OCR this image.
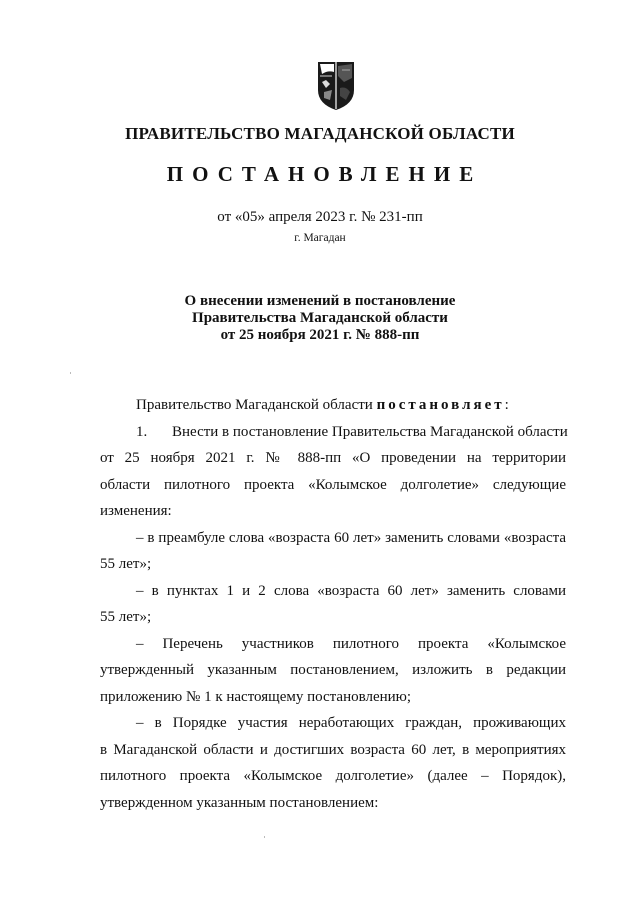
ПРАВИТЕЛЬСТВО МАГАДАНСКОЙ ОБЛАСТИ
ПОСТАНОВЛЕНИЕ
от «05» апреля 2023 г. № 231-пп
г. Магадан
О внесении изменений в постановление
Правительства Магаданской области
от 25 ноября 2021 г. № 888-пп
Правительство Магаданской области постановляет:
1. Внести в постановление Правительства Магаданской области
от 25 ноября 2021 г. № 888-пп «О проведении на территории
области пилотного проекта «Колымское долголетие» следующие
изменения:
– в преамбуле слова «возраста 60 лет» заменить словами «возраста
55 лет»;
– в пунктах 1 и 2 слова «возраста 60 лет» заменить словами
55 лет»;
– Перечень участников пилотного проекта «Колымское
утвержденный указанным постановлением, изложить в редакции
приложению № 1 к настоящему постановлению;
– в Порядке участия неработающих граждан, проживающих
в Магаданской области и достигших возраста 60 лет, в мероприятиях
пилотного проекта «Колымское долголетие» (далее – Порядок),
утвержденном указанным постановлением:
